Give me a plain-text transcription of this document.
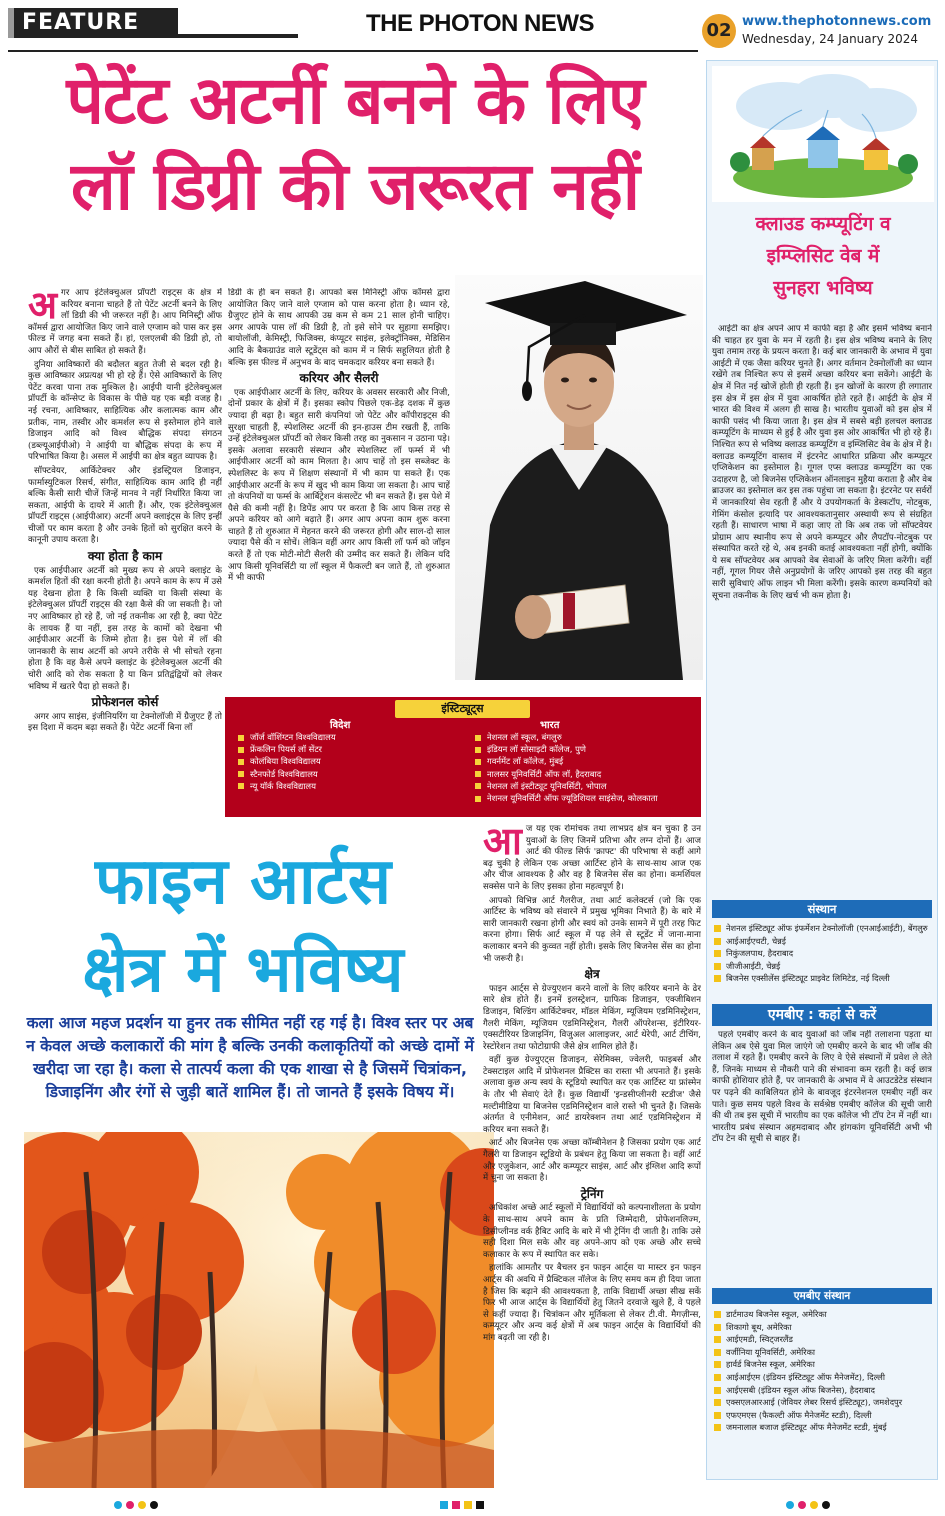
FEATURE	THE PHOTON NEWS	02 www.thephotonnews.com
Wednesday, 24 January 2024
पेटेंट अटर्नी बनने के लिए
लॉ डिग्री की जरूरत नहीं
अ गर आप इंटेलेक्चुअल प्रॉपर्टी राइट्स के क्षेत्र में करियर बनाना चाहते हैं तो पेटेंट अटर्नी बनने के लिए लॉ डिग्री की भी जरूरत नहीं है। आप मिनिस्ट्री ऑफ कॉमर्स द्वारा आयोजित किए जाने वाले एग्जाम को पास कर इस फील्ड में जगह बना सकते हैं। हां, एलएलबी की डिग्री हो, तो आप औरों से बीस साबित हो सकते हैं।

दुनिया आविष्कारों की बदौलत बहुत तेजी से बदल रही है। कुछ आविष्कार अप्रत्यक्ष भी हो रहे हैं। ऐसे आविष्कारों के लिए पेटेंट करवा पाना तक मुश्किल है। आईपी यानी इंटेलेक्चुअल प्रॉपर्टी के कॉन्सेप्ट के विकास के पीछे यह एक बड़ी वजह है। नई रचना, आविष्कार, साहित्यिक और कलात्मक काम और प्रतीक, नाम, तस्वीर और कमर्शल रूप से इस्तेमाल होने वाले डिजाइन आदि को विश्व बौद्धिक संपदा संगठन (डब्ल्यूआईपीओ) ने आईपी या बौद्धिक संपदा के रूप में परिभाषित किया है। असल में आईपी का क्षेत्र बहुत व्यापक है।

सॉफ्टवेयर, आर्किटेक्चर और इंडस्ट्रियल डिजाइन, फार्मास्युटिकल रिसर्च, संगीत, साहित्यिक काम आदि ही नहीं बल्कि कैसी सारी चीजें जिन्हें मानव ने नहीं निर्धारित किया जा सकता, आईपी के दायरे में आती हैं। और, एक इंटेलेक्चुअल प्रॉपर्टी राइट्स (आईपीआर) अटर्नी अपने क्लाइंट्स के लिए इन्हीं चीजों पर काम करता है और उनके हितों को सुरक्षित करने के कानूनी उपाय करता है।

क्या होता है काम

एक आईपीआर अटर्नी को मुख्य रूप से अपने क्लाइंट के कमर्शल हितों की रक्षा करनी होती है। अपने काम के रूप में उसे यह देखना होता है कि किसी व्यक्ति या किसी संस्था के इंटेलेक्चुअल प्रॉपर्टी राइट्स की रक्षा कैसे की जा सकती है। जो नए आविष्कार हो रहे हैं, जो नई तकनीक आ रही है, क्या पेटेंट के लायक हैं या नहीं, इस तरह के कामों को देखना भी आईपीआर अटर्नी के जिम्मे होता है। इस पेशे में लॉ की जानकारी के साथ अटर्नी को अपने तरीके से भी सोचते रहना होता है कि वह कैसे अपने क्लाइंट के इंटेलेक्चुअल अटर्नी की चोरी आदि को रोक सकता है या किन प्रतिद्वंद्वियों को लेकर भविष्य में खतरे पैदा हो सकते हैं।

प्रोफेशनल कोर्स

अगर आप साइंस, इंजीनियरिंग या टेक्नोलॉजी में ग्रैजुएट हैं तो इस दिशा में कदम बढ़ा सकते हैं। पेटेंट अटर्नी बिना लॉ

डिग्री के ही बन सकते हैं। आपको बस मिनिस्ट्री ऑफ कॉमर्स द्वारा आयोजित किए जाने वाले एग्जाम को पास करना होता है। ध्यान रहे, ग्रैजुएट होने के साथ आपकी उम्र कम से कम 21 साल होनी चाहिए। अगर आपके पास लॉ की डिग्री है, तो इसे सोने पर सुहागा समझिए। बायोलॉजी, केमिस्ट्री, फिजिक्स, कंप्यूटर साइंस, इलेक्ट्रॉनिक्स, मेडिसिन आदि के बैकग्राउंड वाले स्टूडेंट्स को काम में न सिर्फ सहूलियत होती है बल्कि इस फील्ड में अनुभव के बाद चमकदार करियर बना सकते हैं।

करियर और सैलरी

एक आईपीआर अटर्नी के लिए, करियर के अवसर सरकारी और निजी, दोनों प्रकार के क्षेत्रों में हैं। इसका स्कोप पिछले एक-डेढ़ दशक में कुछ ज्यादा ही बढ़ा है। बहुत सारी कंपनियां जो पेटेंट और कॉपीराइट्स की सुरक्षा चाहती हैं, स्पेशलिस्ट अटर्नी की इन-हाउस टीम रखती हैं, ताकि उन्हें इंटेलेक्चुअल प्रॉपर्टी को लेकर किसी तरह का नुकसान न उठाना पड़े। इसके अलावा सरकारी संस्थान और स्पेशलिस्ट लॉ फर्म्स में भी आईपीआर अटर्नी को काम मिलता है। आप चाहें तो इस सब्जेक्ट के स्पेशलिस्ट के रूप में शिक्षण संस्थानों में भी काम पा सकते हैं। एक आईपीआर अटर्नी के रूप में खुद भी काम किया जा सकता है। आप चाहें तो कंपनियों या फर्म्स के आर्बिट्रेशन कंसल्टेंट भी बन सकते हैं। इस पेशे में पैसे की कमी नहीं है। डिपेंड आप पर करता है कि आप किस तरह से अपने करियर को आगे बढ़ाते हैं। अगर आप अपना काम शुरू करना चाहते हैं तो शुरुआत में मेहनत करने की जरूरत होगी और साल-दो साल ज्यादा पैसे की न सोचें। लेकिन वहीं अगर आप किसी लॉ फर्म को जॉइन करते हैं तो एक मोटी-मोटी सैलरी की उम्मीद कर सकते हैं। लेकिन यदि आप किसी यूनिवर्सिटी या लॉ स्कूल में फैकल्टी बन जाते हैं, तो शुरुआत में भी काफी

इंस्टिट्यूट्स
विदेश	भारत
जॉर्ज वॉशिंग्टन विश्वविद्यालय
फ्रेंकलिन पियर्स लॉ सेंटर
कोलंबिया विश्वविद्यालय
स्टैनफोर्ड विश्वविद्यालय
न्यू यॉर्क विश्वविद्यालय
नेशनल लॉ स्कूल, बंगलुरु
इंडियन लॉ सोसाइटी कॉलेज, पुणे
गवर्नमेंट लॉ कॉलेज, मुंबई
नालसर यूनिवर्सिटी ऑफ लॉ, हैदराबाद
नेशनल लॉ इंस्टीट्यूट यूनिवर्सिटी, भोपाल
नेशनल यूनिवर्सिटी ऑफ ज्यूडिशियल साइंसेज, कोलकाता
फाइन आर्टस
क्षेत्र में भविष्य
कला आज महज प्रदर्शन या हुनर तक सीमित नहीं रह गई है। विश्व स्तर पर अब न केवल अच्छे कलाकारों की मांग है बल्कि उनकी कलाकृतियों को अच्छे दामों में खरीदा जा रहा है। कला से तात्पर्य कला की एक शाखा से है जिसमें चित्रांकन, डिजाइनिंग और रंगों से जुड़ी बातें शामिल हैं। तो जानते हैं इसके विषय में।
आ ज यह एक रोमांचक तथा लाभप्रद क्षेत्र बन चुका है उन युवाओं के लिए जिनमें प्रतिभा और लग्न दोनों हैं। आज आर्ट की फील्ड सिर्फ 'क्राफ्ट' की परिभाषा से कहीं आगे बढ़ चुकी है लेकिन एक अच्छा आर्टिस्ट होने के साथ-साथ आज एक और चीज आवश्यक है और वह है बिजनेस सेंस का होना। कमर्शियल सक्सेस पाने के लिए इसका होना महत्वपूर्ण है।

आपको विभिन्न आर्ट गैलरीज, तथा आर्ट कलेक्टर्स (जो कि एक आर्टिस्ट के भविष्य को संवारने में प्रमुख भूमिका निभाते हैं) के बारे में सारी जानकारी रखना होगी और स्वयं को उनके सामने में पूरी तरह फिट करना होगा। सिर्फ आर्ट स्कूल में पढ़ लेने से स्टूडेंट में जाना-माना कलाकार बनने की कुव्वत नहीं होती। इसके लिए बिजनेस सेंस का होना भी जरूरी है।

क्षेत्र

फाइन आर्ट्स से ग्रेज्युएशन करने वालों के लिए करियर बनाने के ढेर सारे क्षेत्र होते हैं। इनमें इलस्ट्रेशन, ग्राफिक डिजाइन, एक्जीबिशन डिजाइन, बिल्डिंग आर्किटेक्चर, मॉडल मेकिंग, म्यूजियम एडमिनिस्ट्रेशन, गैलरी मेकिंग, म्यूजियम एडमिनिस्ट्रेशन, गैलरी ऑपरेशन्स, इंटीरियर- एक्सटीरियर डिजाइनिंग, विजुअल आलाइजर, आर्ट थेरेपी, आर्ट टीचिंग, रेस्टोरेशन तथा फोटोग्राफी जैसे क्षेत्र शामिल होते हैं।

वहीं कुछ ग्रेज्युएट्स डिजाइन, सेरेमिक्स, ज्वेलरी, फाइबर्स और टेक्सटाइल आदि में प्रोफेशनल प्रैक्टिस का रास्ता भी अपनाते हैं। इसके अलावा कुछ अन्य स्वयं के स्टूडियो स्थापित कर एक आर्टिस्ट या फ्रांस्मेन के तौर भी सेवाएं देते हैं। कुछ विद्यार्थी 'इन्डसीप्लीनरी स्टडीज' जैसे मल्टीमीडिया या बिजनेस एडमिनिस्ट्रेशन वाले रास्ते भी चुनते हैं। जिसके अंतर्गत वे एनीमेशन, आर्ट डायरेक्शन तथा आर्ट एडमिनिस्ट्रेशन में करियर बना सकते हैं।

आर्ट और बिजनेस एक अच्छा कॉम्बीनेशन है जिसका प्रयोग एक आर्ट गैलरी या डिजाइन स्टूडियो के प्रबंधन हेतु किया जा सकता है। वहीं आर्ट और एजुकेशन, आर्ट और कम्प्यूटर साइंस, आर्ट और इंग्लिश आदि रूपों में चुना जा सकता है।

ट्रेनिंग

अधिकांश अच्छे आर्ट स्कूलों में विद्यार्थियों को कल्पनाशीलता के प्रयोग के साथ-साथ अपने काम के प्रति जिम्मेदारी, प्रोफेशनलिज्म, डिसीप्लीनड वर्क हैबिट आदि के बारे में भी ट्रेनिंग दी जाती है। ताकि उसे सही दिशा मिल सके और वह अपने-आप को एक अच्छे और सच्चे कलाकार के रूप में स्थापित कर सके।

हालांकि आमतौर पर बैचलर इन फाइन आर्ट्स या मास्टर इन फाइन आर्ट्स की अवधि में प्रैक्टिकल नॉलेज के लिए समय कम ही दिया जाता है जिस कि बढ़ाने की आवश्यकता है, ताकि विद्यार्थी अच्छा सीख सकें फिर भी आज आर्ट्स के विद्यार्थियों हेतु जितने दरवाजे खुले हैं, वे पहले से कहीं ज्यादा हैं। चित्रांकन और मूर्तिकला से लेकर टी.वी. मैगज़ीन्स, कम्प्यूटर और अन्य कई क्षेत्रों में अब फाइन आर्ट्स के विद्यार्थियों की मांग बढ़ती जा रही है।

क्लाउड कम्प्यूटिंग व
इम्प्लिसिट वेब में
सुनहरा भविष्य
आईटी का क्षेत्र अपने आप में काफी बड़ा है और इसमें भविष्य बनाने की चाहत हर युवा के मन में रहती है। इस क्षेत्र भविष्य बनाने के लिए युवा तमाम तरह के प्रयत्न करता है। कई बार जानकारी के अभाव में युवा आईटी में एक जैसा करियर चुनते हैं। अगर वर्तमान टेक्नोलॉजी का ध्यान रखेंगे तब निश्चित रूप से इसमें अच्छा करियर बना सकेंगे। आईटी के क्षेत्र में नित नई खोजें होती ही रहती हैं। इन खोजों के कारण ही लगातार इस क्षेत्र में इस क्षेत्र में युवा आकर्षित होते रहते हैं। आईटी के क्षेत्र में भारत की विश्व में अलग ही साख है। भारतीय युवाओं को इस क्षेत्र में काफी पसंद भी किया जाता है। इस क्षेत्र में सबसे बड़ी हलचल क्लाउड कम्प्यूटिंग के माध्यम से हुई है और युवा इस ओर आकर्षित भी हो रहे हैं। निश्चित रूप से भविष्य क्लाउड कम्प्यूटिंग व इम्प्लिसिट वेब के क्षेत्र में है। क्लाउड कम्प्यूटिंग वास्तव में इंटरनेट आधारित प्रक्रिया और कम्प्यूटर एप्लिकेशन का इस्तेमाल है। गूगल एप्स क्लाउड कम्प्यूटिंग का एक उदाहरण है, जो बिजनेस एप्लिकेशन ऑनलाइन मुहैया कराता है और वेब ब्राउजर का इस्तेमाल कर इस तक पहुंचा जा सकता है। इंटरनेट पर सर्वरों में जानकारियां सेव रहती हैं और ये उपयोगकर्ता के डेस्कटॉप, नोटबुक, गेमिंग कंसोल इत्यादि पर आवश्यकतानुसार अस्थायी रूप से संग्रहित रहती हैं। साधारण भाषा में कहा जाए तो कि अब तक जो सॉफ्टवेयर प्रोग्राम आप स्थानीय रूप से अपने कम्प्यूटर और लैपटॉप-नोटबुक पर संस्थापित करते रहे थे, अब इनकी कतई आवश्यकता नहीं होगी, क्योंकि ये सब सॉफ्टवेयर अब आपको वेब सेवाओं के जरिए मिला करेंगी। वहीं नहीं, गूगल गियर जैसे अनुप्रयोगों के जरिए आपको इस तरह की बहुत सारी सुविधाएं ऑफ लाइन भी मिला करेंगी। इसके कारण कम्पनियों को सूचना तकनीक के लिए खर्च भी कम होता है।
संस्थान
नेशनल इंस्टिट्यूट ऑफ इंफर्मेशन टेक्नोलॉजी (एनआईआईटी), बेंगलुरु
आईआईएचटी, चेन्नई
निकुंजलपाथ, हैदराबाद
जीजीआईटी, चेन्नई
बिजनेस एक्सीलेंस इंस्टिट्यूट प्राइवेट लिमिटेड, नई दिल्ली
एमबीए : कहां से करें
पहले एमबीए करने के बाद युवाओं को जॉब नहीं तलाशना पड़ता था लेकिन अब ऐसे युवा मिल जाएंगे जो एमबीए करने के बाद भी जॉब की तलाश में रहते हैं। एमबीए करने के लिए वे ऐसे संस्थानों में प्रवेश ले लेते हैं, जिनके माध्यम से नौकरी पाने की संभावना कम रहती है। कई छात्र काफी होशियार होते हैं, पर जानकारी के अभाव में वे आउटडेटेड संस्थान पर पढ़ने की काबिलियत होने के बावजूद इंटरनेशनल एमबीए नहीं कर पाते। कुछ समय पहले विश्व के सर्वश्रेष्ठ एमबीए कॉलेज की सूची जारी की थी तब इस सूची में भारतीय का एक कॉलेज भी टॉप टेन में नहीं था। भारतीय प्रबंध संस्थान अहमदाबाद और हांगकांग यूनिवर्सिटी अभी भी टॉप टेन की सूची से बाहर हैं।
एमबीए संस्थान
डार्टमाउथ बिजनेस स्कूल, अमेरिका
शिकागो बूथ, अमेरिका
आईएमडी, स्विट्जरलैंड
वर्जीनिया यूनिवर्सिटी, अमेरिका
हार्वर्ड बिजनेस स्कूल, अमेरिका
आईआईएम (इंडियन इंस्टिट्यूट ऑफ मैनेजमेंट), दिल्ली
आईएसबी (इंडियन स्कूल ऑफ बिजनेस), हैदराबाद
एक्सएलआरआई (जेवियर लेबर रिसर्च इंस्टिट्यूट), जमशेदपुर
एफएमएस (फैकल्टी ऑफ मैनेजमेंट स्टडी), दिल्ली
जमनालाल बजाज इंस्टिट्यूट ऑफ मैनेजमेंट स्टडी, मुंबई
